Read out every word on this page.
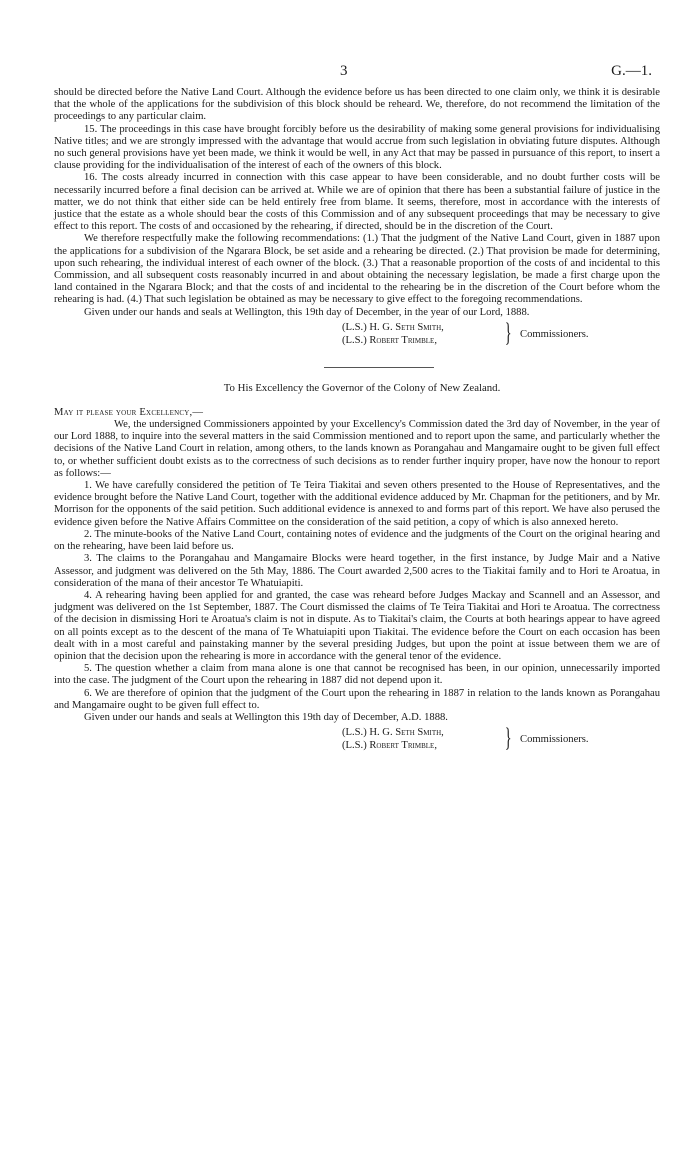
3	G.—1.

should be directed before the Native Land Court. Although the evidence before us has been directed to one claim only, we think it is desirable that the whole of the applications for the subdivision of this block should be reheard. We, therefore, do not recommend the limitation of the proceedings to any particular claim.

15. The proceedings in this case have brought forcibly before us the desirability of making some general provisions for individualising Native titles; and we are strongly impressed with the advantage that would accrue from such legislation in obviating future disputes. Although no such general provisions have yet been made, we think it would be well, in any Act that may be passed in pursuance of this report, to insert a clause providing for the individualisation of the interest of each of the owners of this block.

16. The costs already incurred in connection with this case appear to have been considerable, and no doubt further costs will be necessarily incurred before a final decision can be arrived at. While we are of opinion that there has been a substantial failure of justice in the matter, we do not think that either side can be held entirely free from blame. It seems, therefore, most in accordance with the interests of justice that the estate as a whole should bear the costs of this Commission and of any subsequent proceedings that may be necessary to give effect to this report. The costs of and occasioned by the rehearing, if directed, should be in the discretion of the Court.

We therefore respectfully make the following recommendations: (1.) That the judgment of the Native Land Court, given in 1887 upon the applications for a subdivision of the Ngarara Block, be set aside and a rehearing be directed. (2.) That provision be made for determining, upon such rehearing, the individual interest of each owner of the block. (3.) That a reasonable proportion of the costs of and incidental to this Commission, and all subsequent costs reasonably incurred in and about obtaining the necessary legislation, be made a first charge upon the land contained in the Ngarara Block; and that the costs of and incidental to the rehearing be in the discretion of the Court before whom the rehearing is had. (4.) That such legislation be obtained as may be necessary to give effect to the foregoing recommendations.

Given under our hands and seals at Wellington, this 19th day of December, in the year of our Lord, 1888.

(L.S.) H. G. Seth Smith,
(L.S.) Robert Trimble,	} Commissioners.
To His Excellency the Governor of the Colony of New Zealand.

May it please your Excellency,—

We, the undersigned Commissioners appointed by your Excellency's Commission dated the 3rd day of November, in the year of our Lord 1888, to inquire into the several matters in the said Commission mentioned and to report upon the same, and particularly whether the decisions of the Native Land Court in relation, among others, to the lands known as Porangahau and Mangamaire ought to be given full effect to, or whether sufficient doubt exists as to the correctness of such decisions as to render further inquiry proper, have now the honour to report as follows:—

1. We have carefully considered the petition of Te Teira Tiakitai and seven others presented to the House of Representatives, and the evidence brought before the Native Land Court, together with the additional evidence adduced by Mr. Chapman for the petitioners, and by Mr. Morrison for the opponents of the said petition. Such additional evidence is annexed to and forms part of this report. We have also perused the evidence given before the Native Affairs Committee on the consideration of the said petition, a copy of which is also annexed hereto.

2. The minute-books of the Native Land Court, containing notes of evidence and the judgments of the Court on the original hearing and on the rehearing, have been laid before us.

3. The claims to the Porangahau and Mangamaire Blocks were heard together, in the first instance, by Judge Mair and a Native Assessor, and judgment was delivered on the 5th May, 1886. The Court awarded 2,500 acres to the Tiakitai family and to Hori te Aroatua, in consideration of the mana of their ancestor Te Whatuiapiti.

4. A rehearing having been applied for and granted, the case was reheard before Judges Mackay and Scannell and an Assessor, and judgment was delivered on the 1st September, 1887. The Court dismissed the claims of Te Teira Tiakitai and Hori te Aroatua. The correctness of the decision in dismissing Hori te Aroatua's claim is not in dispute. As to Tiakitai's claim, the Courts at both hearings appear to have agreed on all points except as to the descent of the mana of Te Whatuiapiti upon Tiakitai. The evidence before the Court on each occasion has been dealt with in a most careful and painstaking manner by the several presiding Judges, but upon the point at issue between them we are of opinion that the decision upon the rehearing is more in accordance with the general tenor of the evidence.

5. The question whether a claim from mana alone is one that cannot be recognised has been, in our opinion, unnecessarily imported into the case. The judgment of the Court upon the rehearing in 1887 did not depend upon it.

6. We are therefore of opinion that the judgment of the Court upon the rehearing in 1887 in relation to the lands known as Porangahau and Mangamaire ought to be given full effect to.

Given under our hands and seals at Wellington this 19th day of December, A.D. 1888.

(L.S.) H. G. Seth Smith,
(L.S.) Robert Trimble,	} Commissioners.
